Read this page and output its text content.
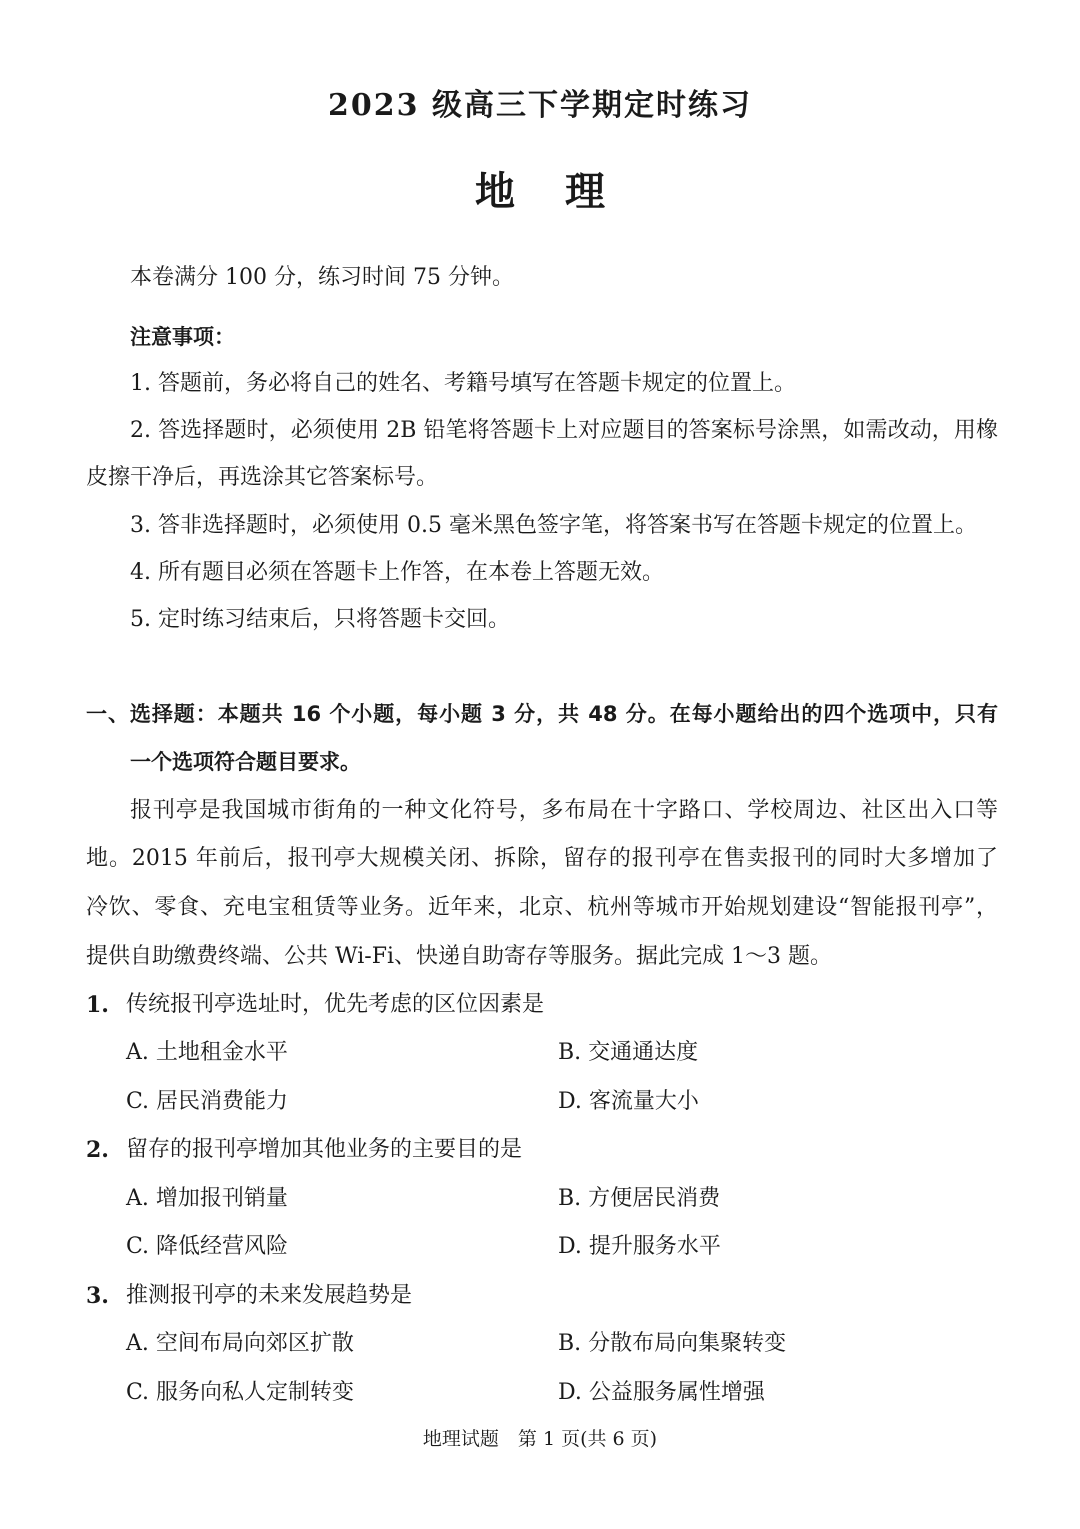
2023 级高三下学期定时练习
地理
本卷满分 100 分，练习时间 75 分钟。
注意事项：
1. 答题前，务必将自己的姓名、考籍号填写在答题卡规定的位置上。
2. 答选择题时，必须使用 2B 铅笔将答题卡上对应题目的答案标号涂黑，如需改动，用橡
皮擦干净后，再选涂其它答案标号。
3. 答非选择题时，必须使用 0.5 毫米黑色签字笔，将答案书写在答题卡规定的位置上。
4. 所有题目必须在答题卡上作答，在本卷上答题无效。
5. 定时练习结束后，只将答题卡交回。
一、选择题：本题共 16 个小题，每小题 3 分，共 48 分。在每小题给出的四个选项中，只有
一个选项符合题目要求。
报刊亭是我国城市街角的一种文化符号，多布局在十字路口、学校周边、社区出入口等
地。2015 年前后，报刊亭大规模关闭、拆除，留存的报刊亭在售卖报刊的同时大多增加了
冷饮、零食、充电宝租赁等业务。近年来，北京、杭州等城市开始规划建设“智能报刊亭”，
提供自助缴费终端、公共 Wi-Fi、快递自助寄存等服务。据此完成 1～3 题。
1. 传统报刊亭选址时，优先考虑的区位因素是
A. 土地租金水平	B. 交通通达度
C. 居民消费能力	D. 客流量大小
2. 留存的报刊亭增加其他业务的主要目的是
A. 增加报刊销量	B. 方便居民消费
C. 降低经营风险	D. 提升服务水平
3. 推测报刊亭的未来发展趋势是
A. 空间布局向郊区扩散	B. 分散布局向集聚转变
C. 服务向私人定制转变	D. 公益服务属性增强
地理试题　第 1 页(共 6 页)
